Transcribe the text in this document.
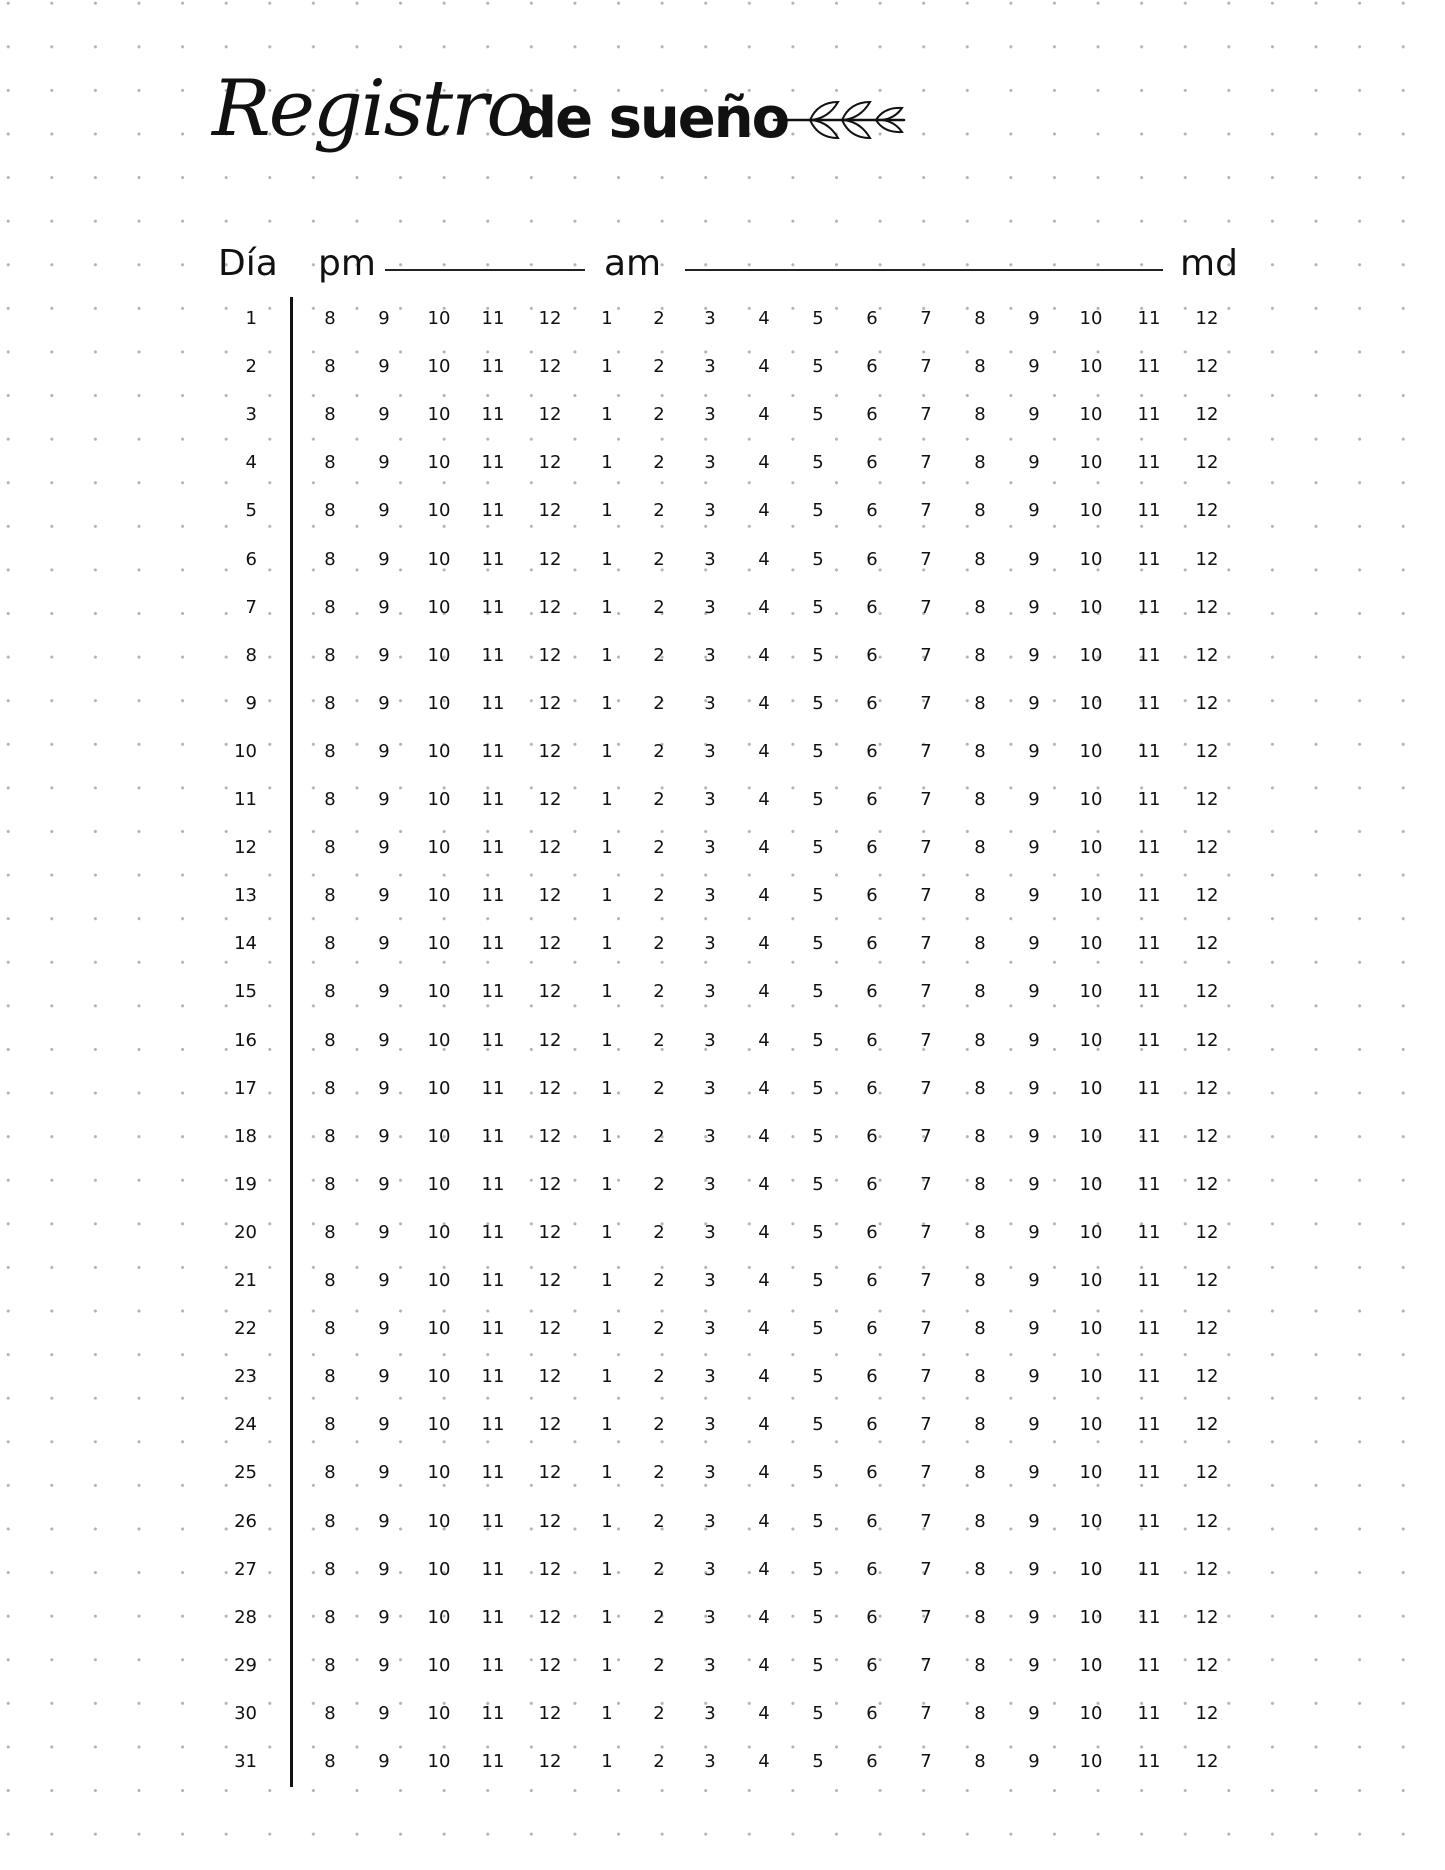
Registro
de sueño
Día pm	am	md
1	8	9	10	11	12	1	2	3	4	5	6	7	8	9	10	11	12
2	8	9	10	11	12	1	2	3	4	5	6	7	8	9	10	11	12
3	8	9	10	11	12	1	2	3	4	5	6	7	8	9	10	11	12
4	8	9	10	11	12	1	2	3	4	5	6	7	8	9	10	11	12
5	8	9	10	11	12	1	2	3	4	5	6	7	8	9	10	11	12
6	8	9	10	11	12	1	2	3	4	5	6	7	8	9	10	11	12
7	8	9	10	11	12	1	2	3	4	5	6	7	8	9	10	11	12
8	8	9	10	11	12	1	2	3	4	5	6	7	8	9	10	11	12
9	8	9	10	11	12	1	2	3	4	5	6	7	8	9	10	11	12
10	8	9	10	11	12	1	2	3	4	5	6	7	8	9	10	11	12
11	8	9	10	11	12	1	2	3	4	5	6	7	8	9	10	11	12
12	8	9	10	11	12	1	2	3	4	5	6	7	8	9	10	11	12
13	8	9	10	11	12	1	2	3	4	5	6	7	8	9	10	11	12
14	8	9	10	11	12	1	2	3	4	5	6	7	8	9	10	11	12
15	8	9	10	11	12	1	2	3	4	5	6	7	8	9	10	11	12
16	8	9	10	11	12	1	2	3	4	5	6	7	8	9	10	11	12
17	8	9	10	11	12	1	2	3	4	5	6	7	8	9	10	11	12
18	8	9	10	11	12	1	2	3	4	5	6	7	8	9	10	11	12
19	8	9	10	11	12	1	2	3	4	5	6	7	8	9	10	11	12
20	8	9	10	11	12	1	2	3	4	5	6	7	8	9	10	11	12
21	8	9	10	11	12	1	2	3	4	5	6	7	8	9	10	11	12
22	8	9	10	11	12	1	2	3	4	5	6	7	8	9	10	11	12
23	8	9	10	11	12	1	2	3	4	5	6	7	8	9	10	11	12
24	8	9	10	11	12	1	2	3	4	5	6	7	8	9	10	11	12
25	8	9	10	11	12	1	2	3	4	5	6	7	8	9	10	11	12
26	8	9	10	11	12	1	2	3	4	5	6	7	8	9	10	11	12
27	8	9	10	11	12	1	2	3	4	5	6	7	8	9	10	11	12
28	8	9	10	11	12	1	2	3	4	5	6	7	8	9	10	11	12
29	8	9	10	11	12	1	2	3	4	5	6	7	8	9	10	11	12
30	8	9	10	11	12	1	2	3	4	5	6	7	8	9	10	11	12
31	8	9	10	11	12	1	2	3	4	5	6	7	8	9	10	11	12
